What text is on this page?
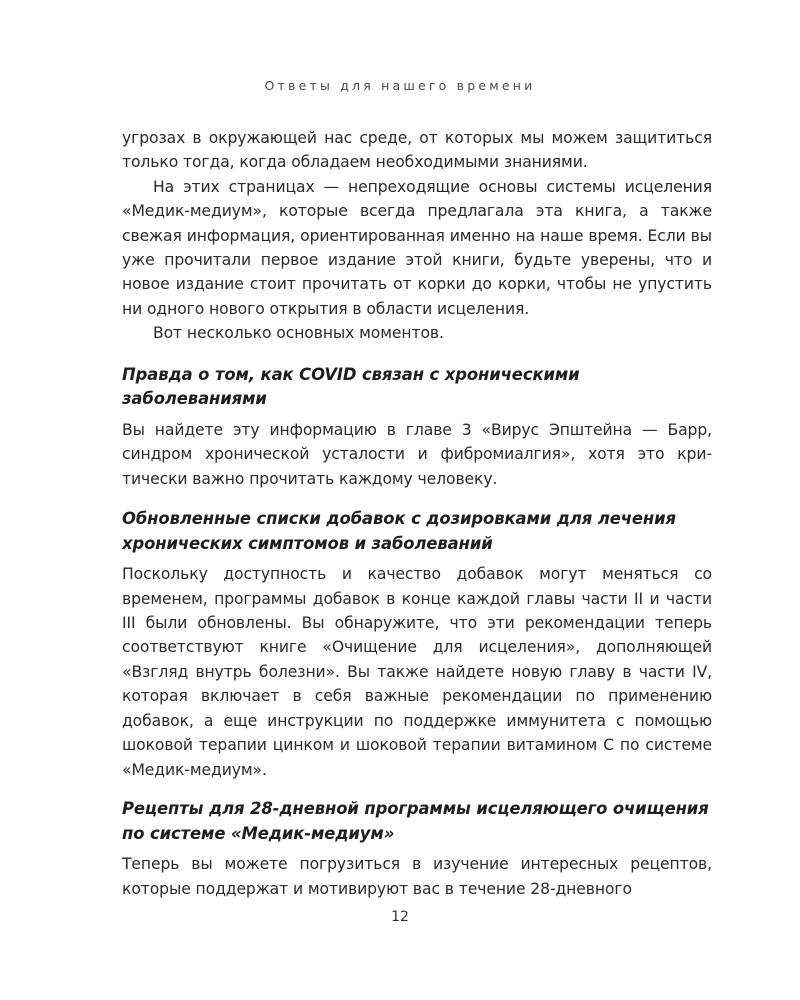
Ответы для нашего времени

угрозах в окружающей нас среде, от которых мы можем защититься только тогда, когда обладаем необходимыми знаниями.

На этих страницах — непреходящие основы системы исцеления «Медик-медиум», которые всегда предлагала эта книга, а также свежая информация, ориентированная именно на наше время. Если вы уже прочитали первое издание этой книги, будьте уверены, что и новое издание стоит прочитать от корки до корки, чтобы не упустить ни одного нового открытия в области исцеления.

Вот несколько основных моментов.

Правда о том, как COVID связан с хроническими заболеваниями

Вы найдете эту информацию в главе 3 «Вирус Эпштейна — Барр, синдром хронической усталости и фибромиалгия», хотя это критически важно прочитать каждому человеку.

Обновленные списки добавок с дозировками для лечения хронических симптомов и заболеваний

Поскольку доступность и качество добавок могут меняться со временем, программы добавок в конце каждой главы части II и части III были обновлены. Вы обнаружите, что эти рекомендации теперь соответствуют книге «Очищение для исцеления», дополняющей «Взгляд внутрь болезни». Вы также найдете новую главу в части IV, которая включает в себя важные рекомендации по применению добавок, а еще инструкции по поддержке иммунитета с помощью шоковой терапии цинком и шоковой терапии витамином С по системе «Медик-медиум».

Рецепты для 28-дневной программы исцеляющего очищения по системе «Медик-медиум»

Теперь вы можете погрузиться в изучение интересных рецептов, которые поддержат и мотивируют вас в течение 28-дневного

12
